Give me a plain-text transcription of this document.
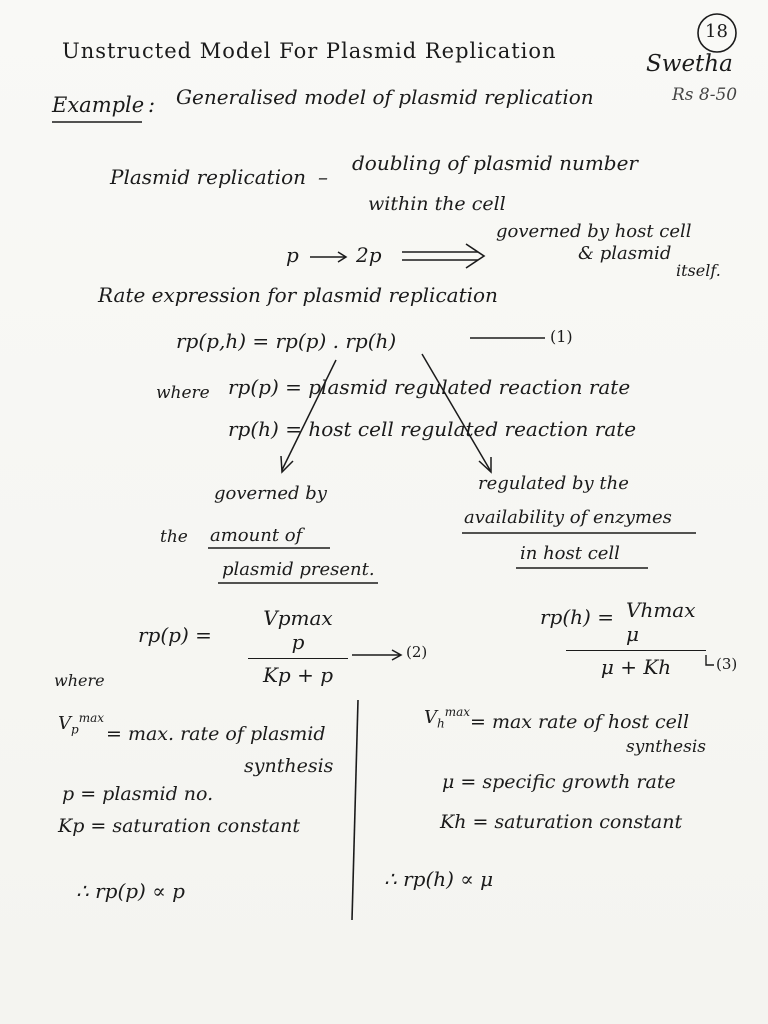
Unstructed Model For Plasmid Replication
18
Swetha
Rs 8-50
Example : Generalised model of plasmid replication
Plasmid replication –
doubling of plasmid number
within the cell
p	2p
governed by host cell
& plasmid
itself.
Rate expression for plasmid replication
rp(p,h) = rp(p) . rp(h)	(1)
where rp(p) = plasmid regulated reaction rate
rp(h) = host cell regulated reaction rate
governed by
the amount of
plasmid present.
regulated by the
availability of enzymes
in host cell
rp(p) =
Vpmax p
Kp + p
(2)
where
rp(h) = Vhmax μ
μ + Kh	(3)
$V_p^{max}$
= max. rate of plasmid
synthesis
p = plasmid no.
Kp = saturation constant
∴ rp(p) ∝ p
$V_h^{max} = \max$ rate of host cell
synthesis
μ = specific growth rate
Kh = saturation constant
∴ rp(h) ∝ μ
